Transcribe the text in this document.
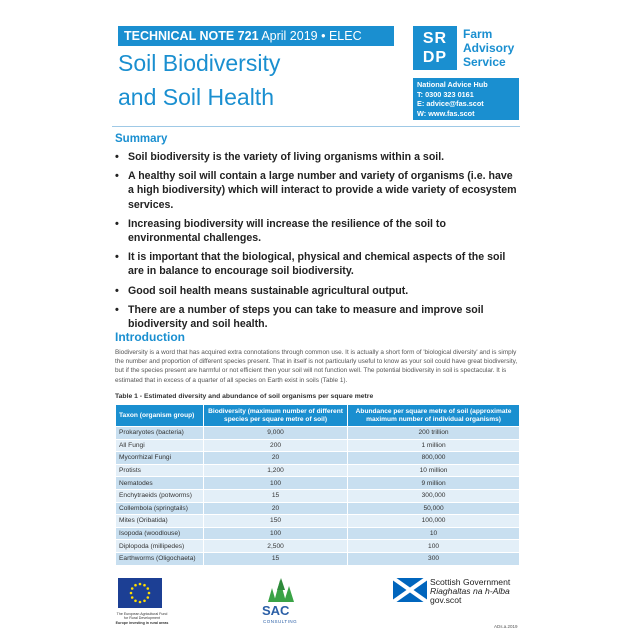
TECHNICAL NOTE 721 April 2019 • ELEC
Soil Biodiversity
and Soil Health
SR
DP
Farm
Advisory
Service
National Advice Hub
T: 0300 323 0161
E: advice@fas.scot
W: www.fas.scot
Summary
• Soil biodiversity is the variety of living organisms within a soil.
• A healthy soil will contain a large number and variety of organisms (i.e. have a high biodiversity) which will interact to provide a wide variety of ecosystem services.
• Increasing biodiversity will increase the resilience of the soil to environmental challenges.
• It is important that the biological, physical and chemical aspects of the soil are in balance to encourage soil biodiversity.
• Good soil health means sustainable agricultural output.
• There are a number of steps you can take to measure and improve soil biodiversity and soil health.
Introduction

Biodiversity is a word that has acquired extra connotations through common use. It is actually a short form of 'biological diversity' and is simply the number and proportion of different species present. That in itself is not particularly useful to know as your soil could have great biodiversity, but if the species present are harmful or not efficient then your soil will not function well. The potential biodiversity in soil is spectacular. It is estimated that in excess of a quarter of all species on Earth exist in soils (Table 1).

Table 1 - Estimated diversity and abundance of soil organisms per square metre
Taxon (organism group)	Biodiversity (maximum number of different species per square metre of soil)	Abundance per square metre of soil (approximate maximum number of individual organisms)
Prokaryotes (bacteria)	9,000	200 trillion
All Fungi	200	1 million
Mycorrhizal Fungi	20	800,000
Protists	1,200	10 million
Nematodes	100	9 million
Enchytraeids (potworms)	15	300,000
Collembola (springtails)	20	50,000
Mites (Oribatida)	150	100,000
Isopoda (woodlouse)	100	10
Diplopoda (millipedes)	2,500	100
Earthworms (Oligochaeta)	15	300
The European Agricultural Fund
for Rural Development
Europe investing in rural areas
SAC
CONSULTING
Scottish Government
Riaghaltas na h-Alba
gov.scot
ADs.a.2019
